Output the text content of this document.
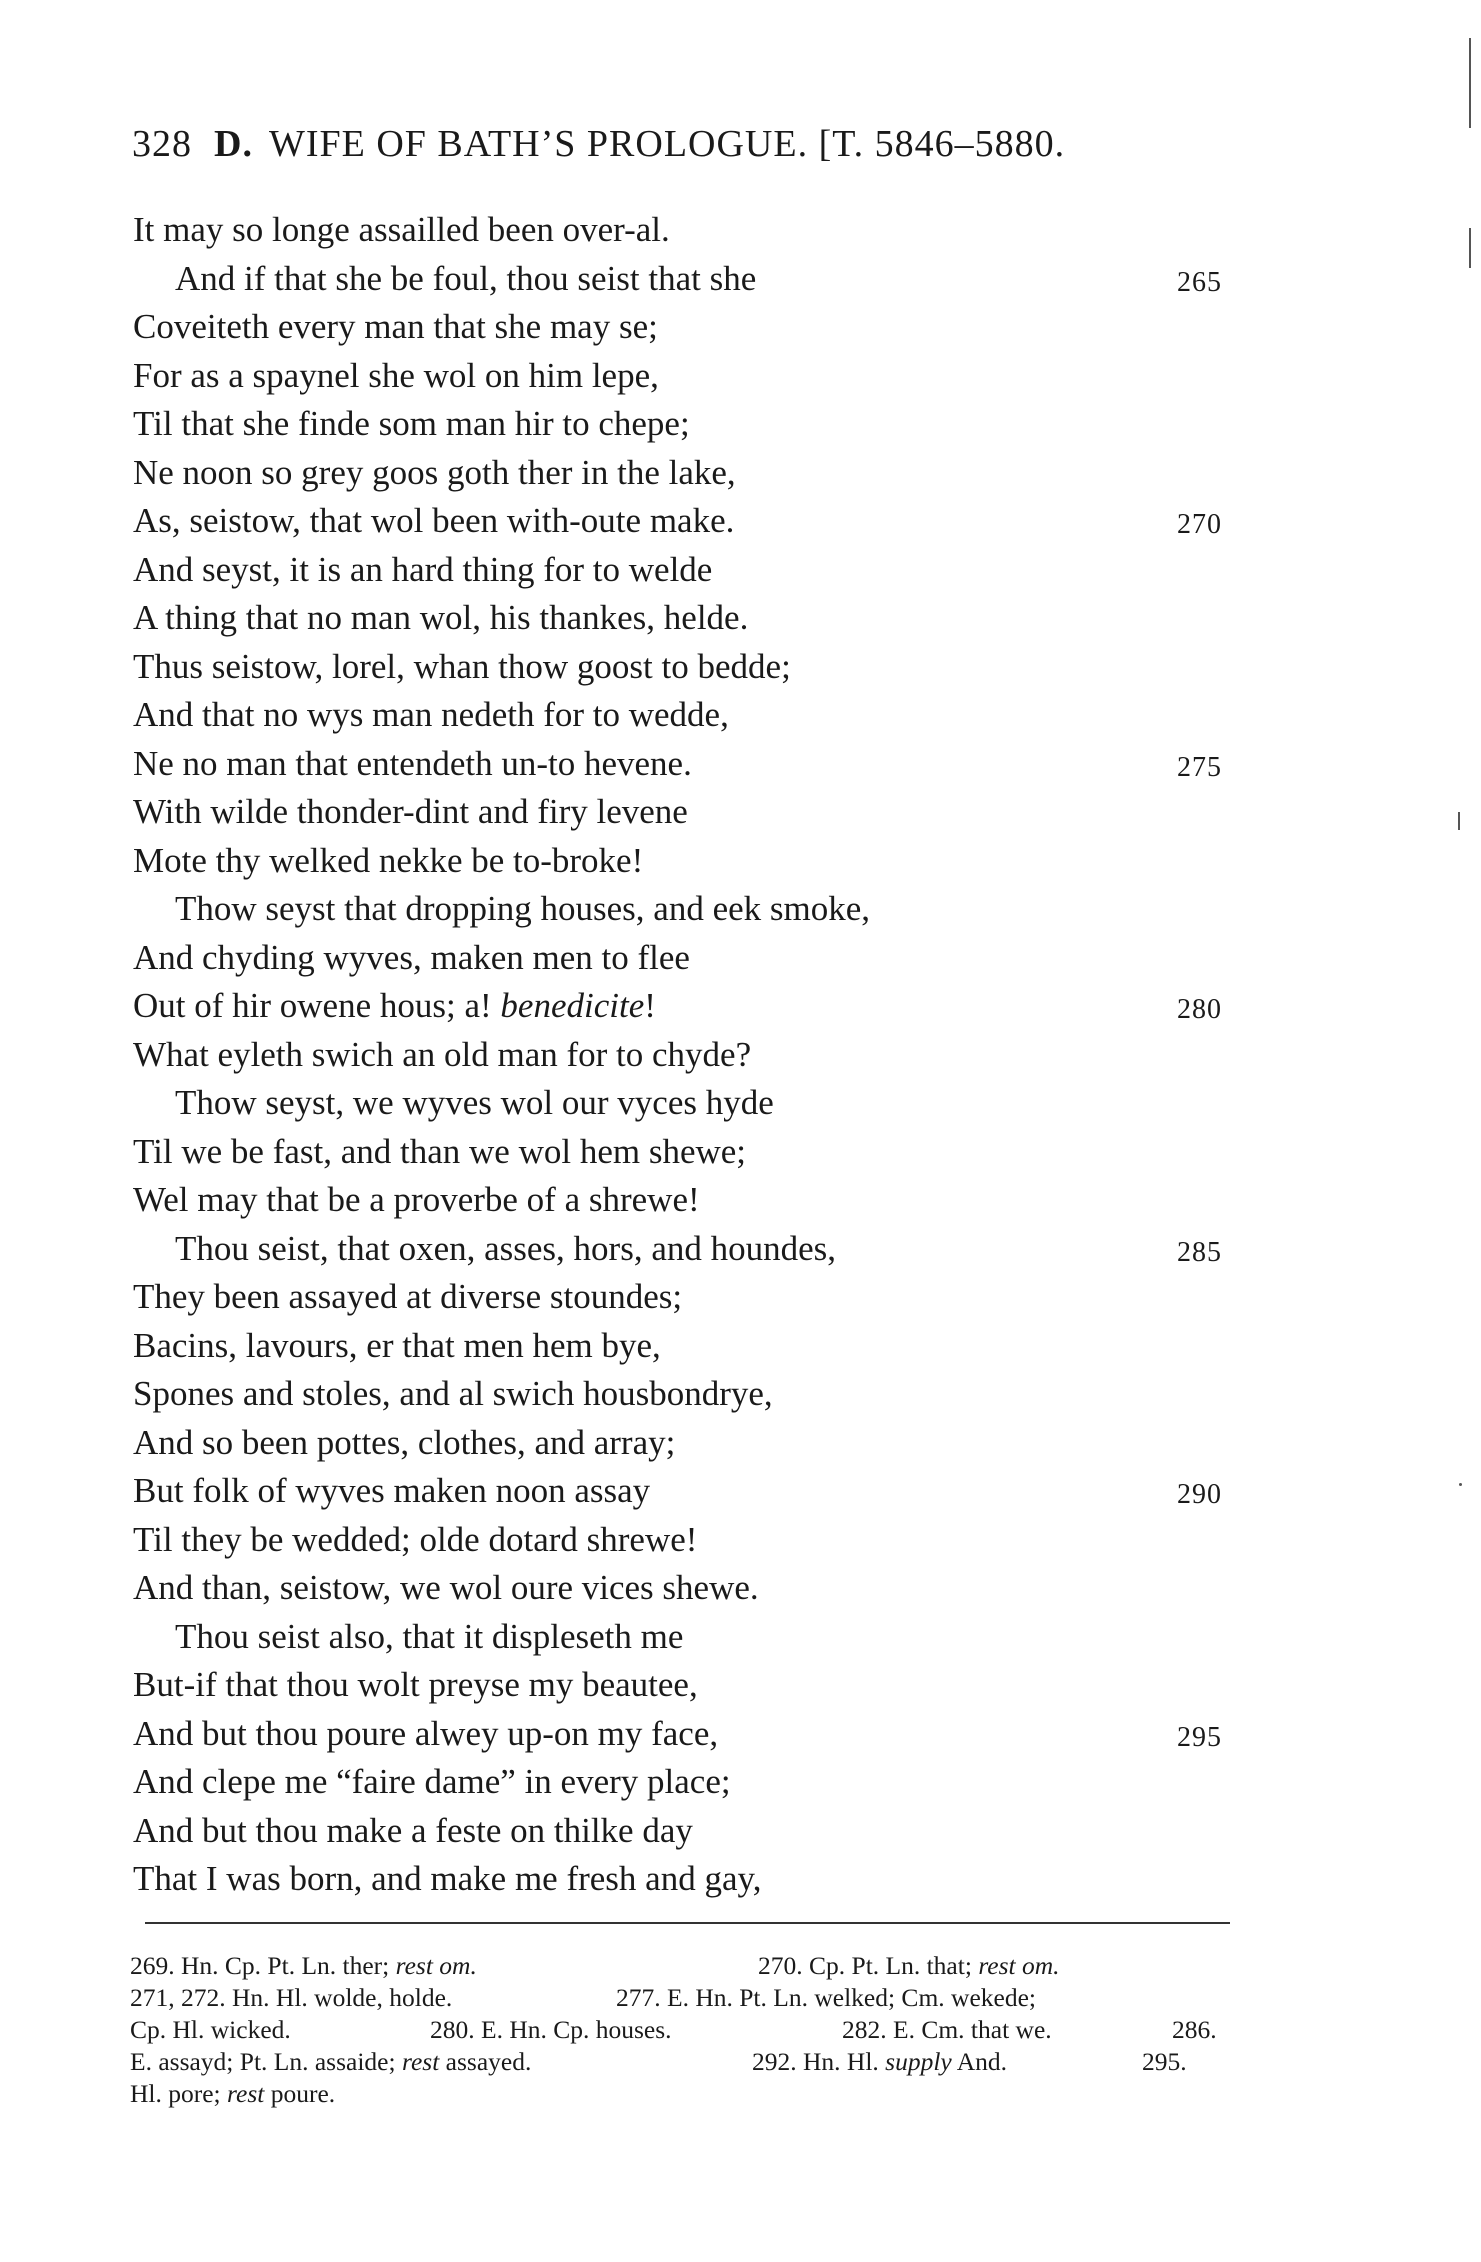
328 D. WIFE OF BATH’S PROLOGUE. [T. 5846–5880.
It may so longe assailled been over-al.
And if that she be foul, thou seist that she	265
Coveiteth every man that she may se;
For as a spaynel she wol on him lepe,
Til that she finde som man hir to chepe;
Ne noon so grey goos goth ther in the lake,
As, seistow, that wol been with-oute make.	270
And seyst, it is an hard thing for to welde
A thing that no man wol, his thankes, helde.
Thus seistow, lorel, whan thow goost to bedde;
And that no wys man nedeth for to wedde,
Ne no man that entendeth un-to hevene.	275
With wilde thonder-dint and firy levene
Mote thy welked nekke be to-broke!
Thow seyst that dropping houses, and eek smoke,
And chyding wyves, maken men to flee
Out of hir owene hous; a! benedicite!	280
What eyleth swich an old man for to chyde?
Thow seyst, we wyves wol our vyces hyde
Til we be fast, and than we wol hem shewe;
Wel may that be a proverbe of a shrewe!
Thou seist, that oxen, asses, hors, and houndes,	285
They been assayed at diverse stoundes;
Bacins, lavours, er that men hem bye,
Spones and stoles, and al swich housbondrye,
And so been pottes, clothes, and array;
But folk of wyves maken noon assay	290
Til they be wedded; olde dotard shrewe!
And than, seistow, we wol oure vices shewe.
Thou seist also, that it displeseth me
But-if that thou wolt preyse my beautee,
And but thou poure alwey up-on my face,	295
And clepe me “faire dame” in every place;
And but thou make a feste on thilke day
That I was born, and make me fresh and gay,
269. Hn. Cp. Pt. Ln. ther; rest om.	270. Cp. Pt. Ln. that; rest om.
271, 272. Hn. Hl. wolde, holde.	277. E. Hn. Pt. Ln. welked; Cm. wekede;
Cp. Hl. wicked.	280. E. Hn. Cp. houses.	282. E. Cm. that we.	286.
E. assayd; Pt. Ln. assaide; rest assayed.	292. Hn. Hl. supply And.	295.
Hl. pore; rest poure.
